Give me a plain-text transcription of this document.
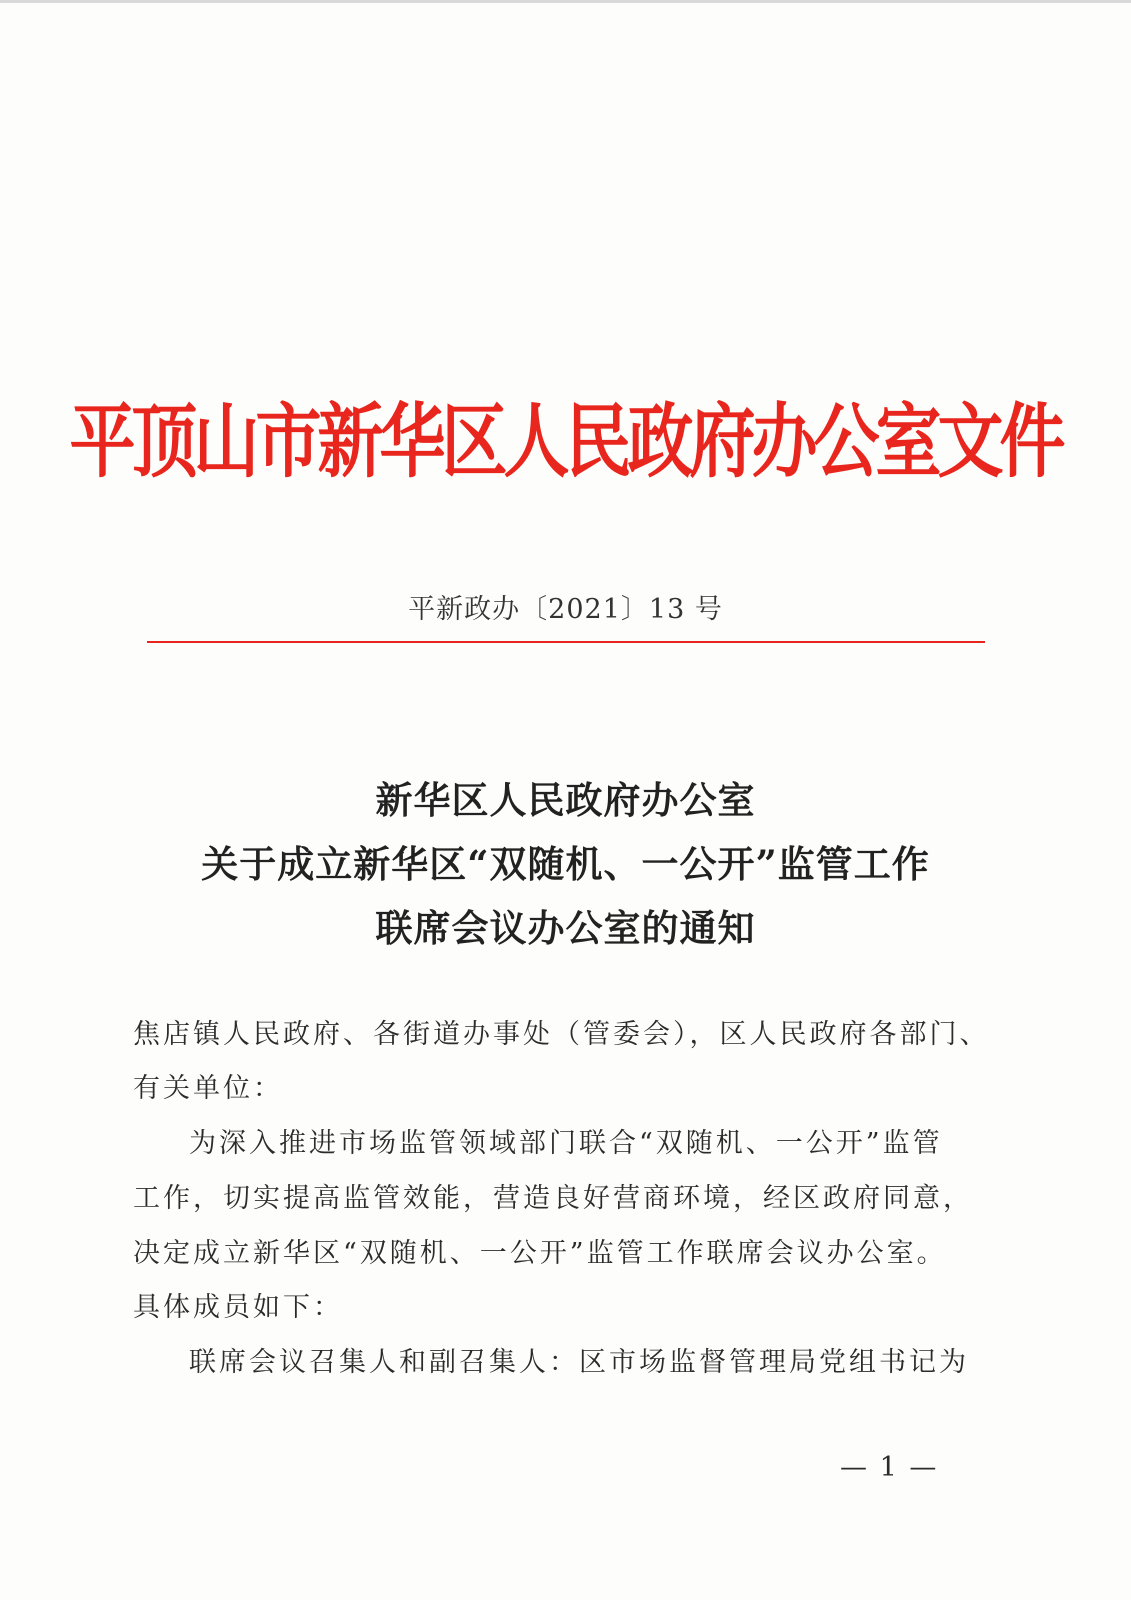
平顶山市新华区人民政府办公室文件
平新政办〔2021〕13 号
新华区人民政府办公室
关于成立新华区“双随机、一公开”监管工作
联席会议办公室的通知
焦店镇人民政府、各街道办事处（管委会），区人民政府各部门、
有关单位：
为深入推进市场监管领域部门联合“双随机、一公开”监管
工作，切实提高监管效能，营造良好营商环境，经区政府同意，
决定成立新华区“双随机、一公开”监管工作联席会议办公室。
具体成员如下：
联席会议召集人和副召集人：区市场监督管理局党组书记为
— 1 —
